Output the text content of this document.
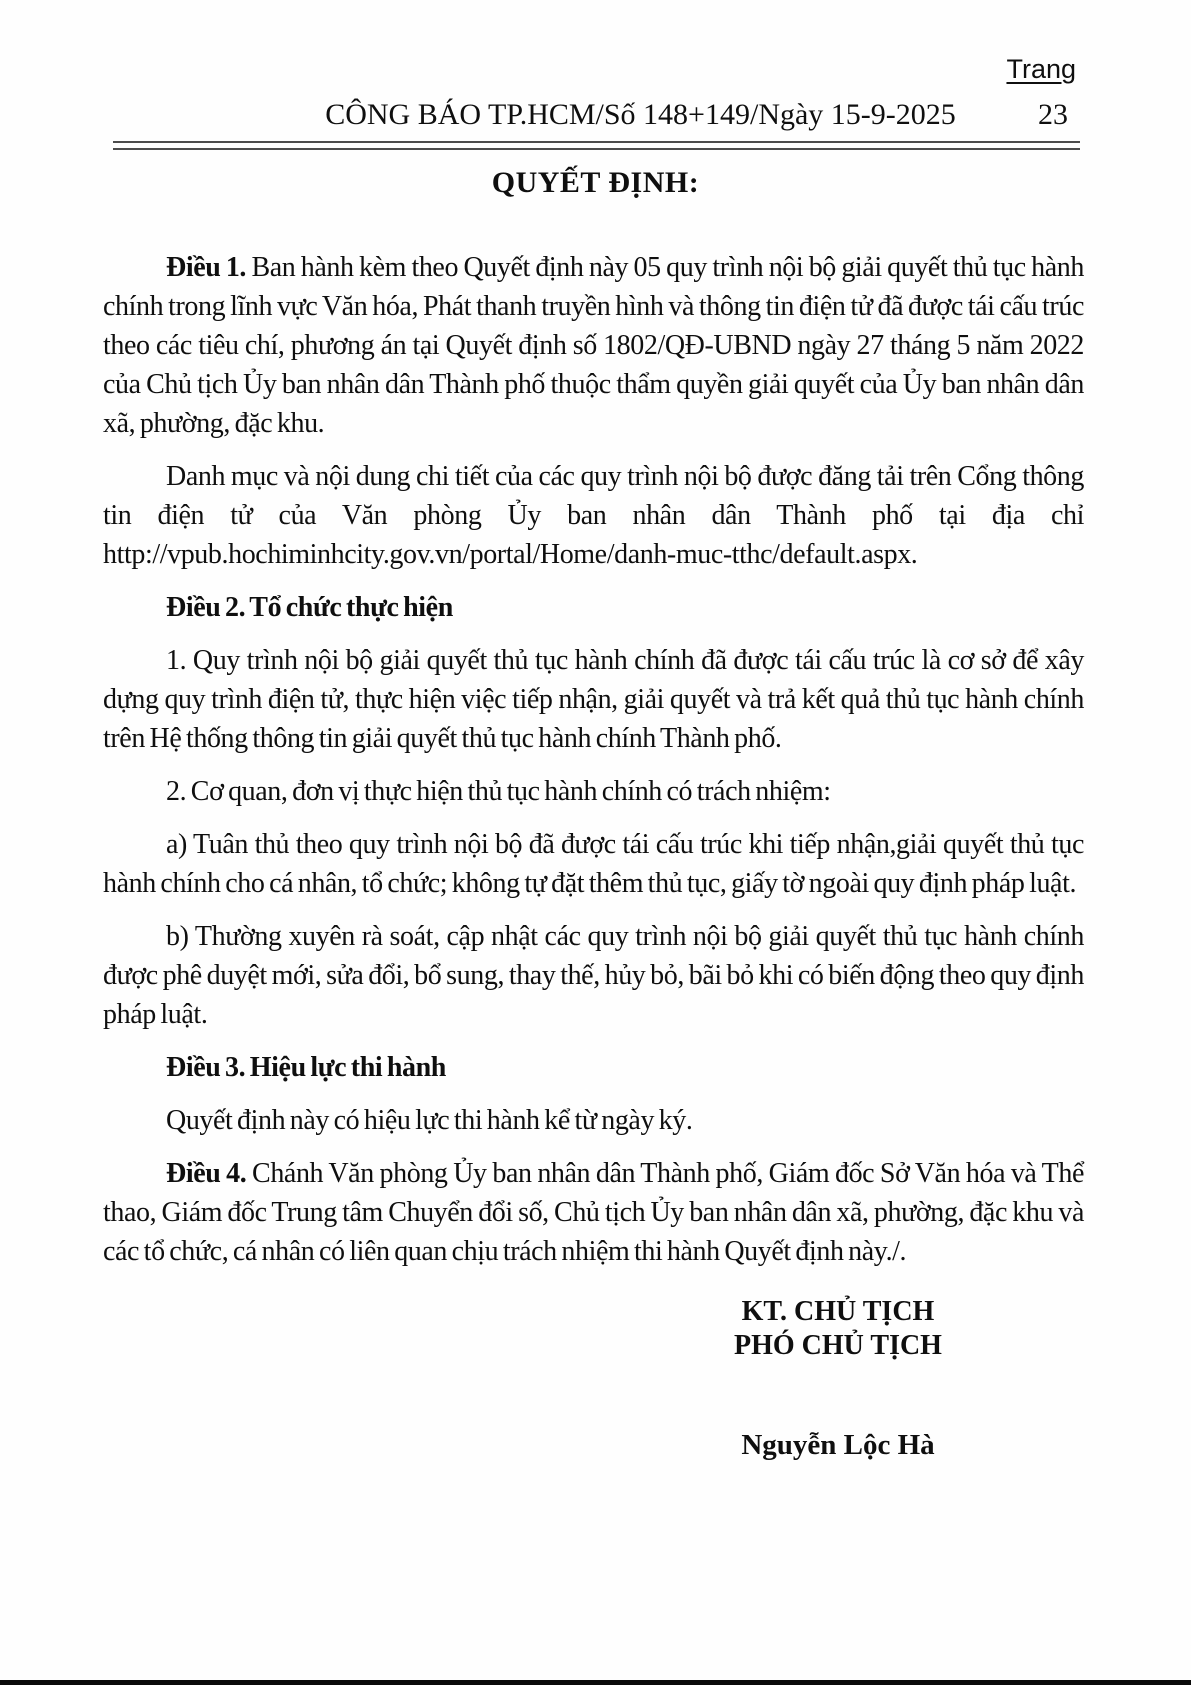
Trang
CÔNG BÁO TP.HCM/Số 148+149/Ngày 15-9-2025	23
QUYẾT ĐỊNH:

Điều 1. Ban hành kèm theo Quyết định này 05 quy trình nội bộ giải quyết thủ tục hành chính trong lĩnh vực Văn hóa, Phát thanh truyền hình và thông tin điện tử đã được tái cấu trúc theo các tiêu chí, phương án tại Quyết định số 1802/QĐ-UBND ngày 27 tháng 5 năm 2022 của Chủ tịch Ủy ban nhân dân Thành phố thuộc thẩm quyền giải quyết của Ủy ban nhân dân xã, phường, đặc khu.

Danh mục và nội dung chi tiết của các quy trình nội bộ được đăng tải trên Cổng thông tin điện tử của Văn phòng Ủy ban nhân dân Thành phố tại địa chỉ http://vpub.hochiminhcity.gov.vn/portal/Home/danh-muc-tthc/default.aspx.

Điều 2. Tổ chức thực hiện

1. Quy trình nội bộ giải quyết thủ tục hành chính đã được tái cấu trúc là cơ sở để xây dựng quy trình điện tử, thực hiện việc tiếp nhận, giải quyết và trả kết quả thủ tục hành chính trên Hệ thống thông tin giải quyết thủ tục hành chính Thành phố.

2. Cơ quan, đơn vị thực hiện thủ tục hành chính có trách nhiệm:

a) Tuân thủ theo quy trình nội bộ đã được tái cấu trúc khi tiếp nhận,giải quyết thủ tục hành chính cho cá nhân, tổ chức; không tự đặt thêm thủ tục, giấy tờ ngoài quy định pháp luật.

b) Thường xuyên rà soát, cập nhật các quy trình nội bộ giải quyết thủ tục hành chính được phê duyệt mới, sửa đổi, bổ sung, thay thế, hủy bỏ, bãi bỏ khi có biến động theo quy định pháp luật.

Điều 3. Hiệu lực thi hành

Quyết định này có hiệu lực thi hành kể từ ngày ký.

Điều 4. Chánh Văn phòng Ủy ban nhân dân Thành phố, Giám đốc Sở Văn hóa và Thể thao, Giám đốc Trung tâm Chuyển đổi số, Chủ tịch Ủy ban nhân dân xã, phường, đặc khu và các tổ chức, cá nhân có liên quan chịu trách nhiệm thi hành Quyết định này./.

KT. CHỦ TỊCH
PHÓ CHỦ TỊCH
Nguyễn Lộc Hà
